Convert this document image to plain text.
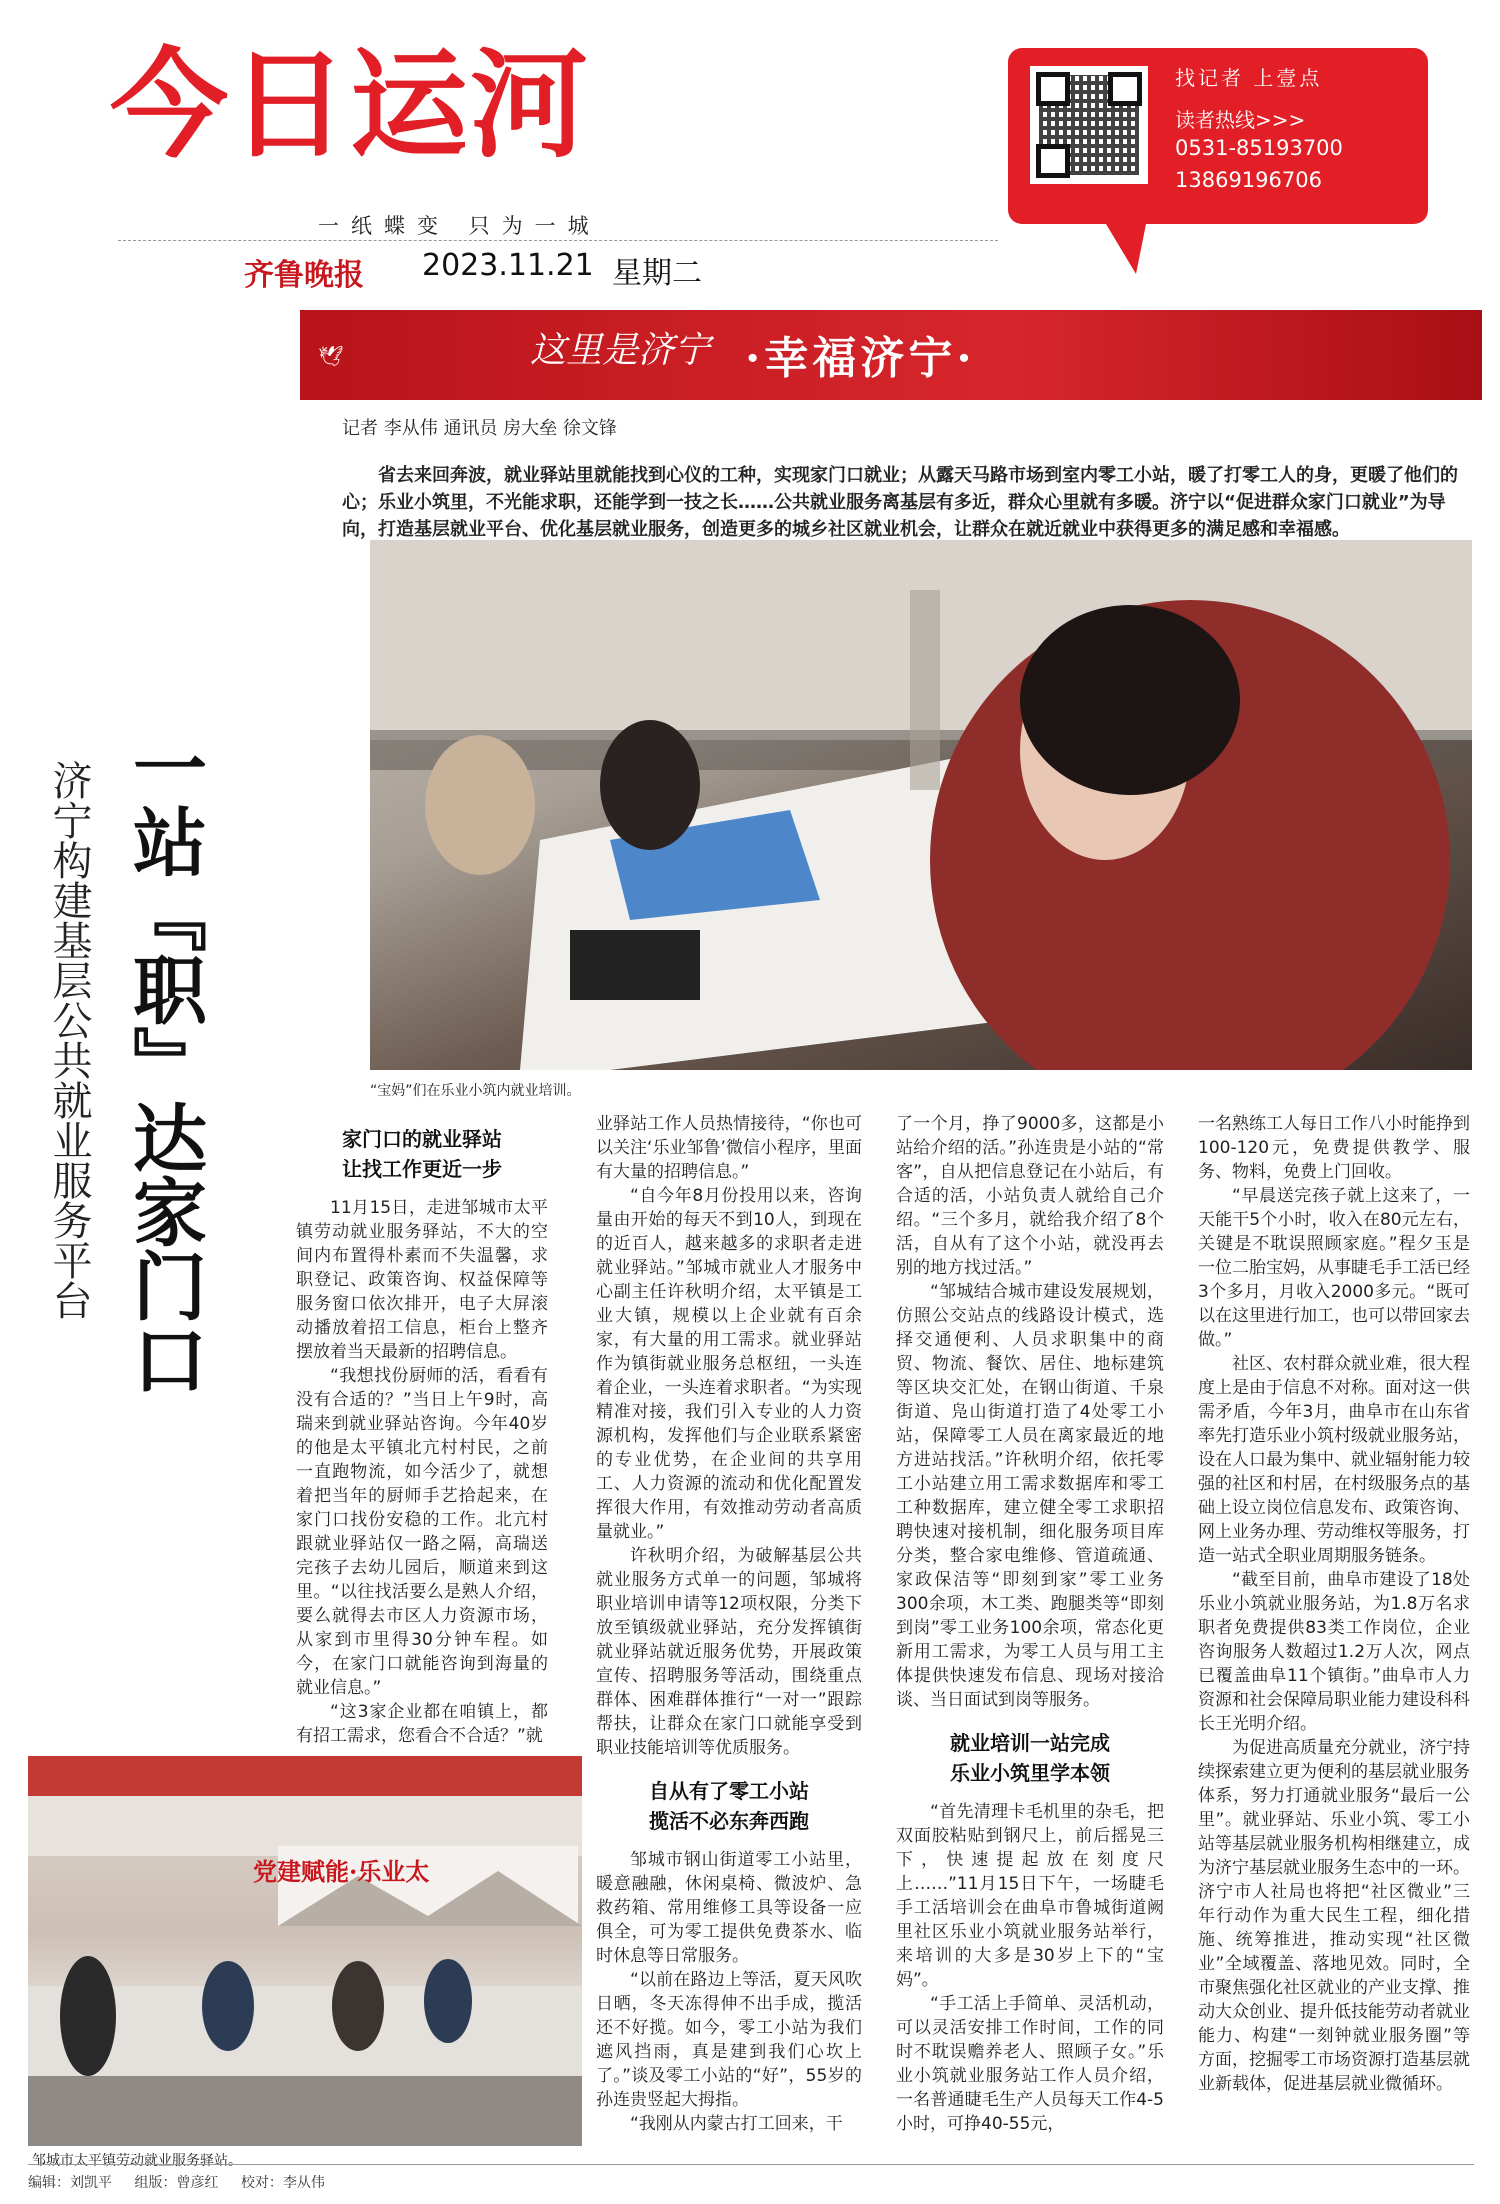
今日运河
一纸蝶变 只为一城
齐鲁晚报 2023.11.21 星期二
找记者 上壹点
读者热线>>>
0531-85193700
13869196706
🕊
🕊	这里是济宁 ·幸福济宁·
记者 李从伟 通讯员 房大垒 徐文锋
省去来回奔波，就业驿站里就能找到心仪的工种，实现家门口就业；从露天马路市场到室内零工小站，暖了打零工人的身，更暖了他们的心；乐业小筑里，不光能求职，还能学到一技之长……公共就业服务离基层有多近，群众心里就有多暖。济宁以“促进群众家门口就业”为导向，打造基层就业平台、优化基层就业服务，创造更多的城乡社区就业机会，让群众在就近就业中获得更多的满足感和幸福感。
“宝妈”们在乐业小筑内就业培训。
一站『职』达家门口
济宁构建基层公共就业服务平台	家门口的就业驿站
让找工作更近一步

11月15日，走进邹城市太平镇劳动就业服务驿站，不大的空间内布置得朴素而不失温馨，求职登记、政策咨询、权益保障等服务窗口依次排开，电子大屏滚动播放着招工信息，柜台上整齐摆放着当天最新的招聘信息。

“我想找份厨师的活，看看有没有合适的？”当日上午9时，高瑞来到就业驿站咨询。今年40岁的他是太平镇北亢村村民，之前一直跑物流，如今活少了，就想着把当年的厨师手艺拾起来，在家门口找份安稳的工作。北亢村跟就业驿站仅一路之隔，高瑞送完孩子去幼儿园后，顺道来到这里。“以往找活要么是熟人介绍，要么就得去市区人力资源市场，从家到市里得30分钟车程。如今，在家门口就能咨询到海量的就业信息。”

“这3家企业都在咱镇上，都有招工需求，您看合不合适？”就

党建赋能·乐业太
邹城市太平镇劳动就业服务驿站。

业驿站工作人员热情接待，“你也可以关注‘乐业邹鲁’微信小程序，里面有大量的招聘信息。”

“自今年8月份投用以来，咨询量由开始的每天不到10人，到现在的近百人，越来越多的求职者走进就业驿站。”邹城市就业人才服务中心副主任许秋明介绍，太平镇是工业大镇，规模以上企业就有百余家，有大量的用工需求。就业驿站作为镇街就业服务总枢纽，一头连着企业，一头连着求职者。“为实现精准对接，我们引入专业的人力资源机构，发挥他们与企业联系紧密的专业优势，在企业间的共享用工、人力资源的流动和优化配置发挥很大作用，有效推动劳动者高质量就业。”

许秋明介绍，为破解基层公共就业服务方式单一的问题，邹城将职业培训申请等12项权限，分类下放至镇级就业驿站，充分发挥镇街就业驿站就近服务优势，开展政策宣传、招聘服务等活动，围绕重点群体、困难群体推行“一对一”跟踪帮扶，让群众在家门口就能享受到职业技能培训等优质服务。

自从有了零工小站
揽活不必东奔西跑

邹城市钢山街道零工小站里，暖意融融，休闲桌椅、微波炉、急救药箱、常用维修工具等设备一应俱全，可为零工提供免费茶水、临时休息等日常服务。

“以前在路边上等活，夏天风吹日晒，冬天冻得伸不出手成，揽活还不好揽。如今，零工小站为我们遮风挡雨，真是建到我们心坎上了。”谈及零工小站的“好”，55岁的孙连贵竖起大拇指。

“我刚从内蒙古打工回来，干

了一个月，挣了9000多，这都是小站给介绍的活。”孙连贵是小站的“常客”，自从把信息登记在小站后，有合适的活，小站负责人就给自己介绍。“三个多月，就给我介绍了8个活，自从有了这个小站，就没再去别的地方找过活。”

“邹城结合城市建设发展规划，仿照公交站点的线路设计模式，选择交通便利、人员求职集中的商贸、物流、餐饮、居住、地标建筑等区块交汇处，在钢山街道、千泉街道、凫山街道打造了4处零工小站，保障零工人员在离家最近的地方进站找活。”许秋明介绍，依托零工小站建立用工需求数据库和零工工种数据库，建立健全零工求职招聘快速对接机制，细化服务项目库分类，整合家电维修、管道疏通、家政保洁等“即刻到家”零工业务300余项，木工类、跑腿类等“即刻到岗”零工业务100余项，常态化更新用工需求，为零工人员与用工主体提供快速发布信息、现场对接洽谈、当日面试到岗等服务。

就业培训一站完成
乐业小筑里学本领

“首先清理卡毛机里的杂毛，把双面胶粘贴到钢尺上，前后摇晃三下，快速提起放在刻度尺上……”11月15日下午，一场睫毛手工活培训会在曲阜市鲁城街道阙里社区乐业小筑就业服务站举行，来培训的大多是30岁上下的“宝妈”。

“手工活上手简单、灵活机动，可以灵活安排工作时间，工作的同时不耽误赡养老人、照顾子女。”乐业小筑就业服务站工作人员介绍，一名普通睫毛生产人员每天工作4-5小时，可挣40-55元，

一名熟练工人每日工作八小时能挣到100-120元，免费提供教学、服务、物料，免费上门回收。

“早晨送完孩子就上这来了，一天能干5个小时，收入在80元左右，关键是不耽误照顾家庭。”程夕玉是一位二胎宝妈，从事睫毛手工活已经3个多月，月收入2000多元。“既可以在这里进行加工，也可以带回家去做。”

社区、农村群众就业难，很大程度上是由于信息不对称。面对这一供需矛盾，今年3月，曲阜市在山东省率先打造乐业小筑村级就业服务站，设在人口最为集中、就业辐射能力较强的社区和村居，在村级服务点的基础上设立岗位信息发布、政策咨询、网上业务办理、劳动维权等服务，打造一站式全职业周期服务链条。

“截至目前，曲阜市建设了18处乐业小筑就业服务站，为1.8万名求职者免费提供83类工作岗位，企业咨询服务人数超过1.2万人次，网点已覆盖曲阜11个镇街。”曲阜市人力资源和社会保障局职业能力建设科科长王光明介绍。

为促进高质量充分就业，济宁持续探索建立更为便利的基层就业服务体系，努力打通就业服务“最后一公里”。就业驿站、乐业小筑、零工小站等基层就业服务机构相继建立，成为济宁基层就业服务生态中的一环。济宁市人社局也将把“社区微业”三年行动作为重大民生工程，细化措施、统筹推进，推动实现“社区微业”全域覆盖、落地见效。同时，全市聚焦强化社区就业的产业支撑、推动大众创业、提升低技能劳动者就业能力、构建“一刻钟就业服务圈”等方面，挖掘零工市场资源打造基层就业新载体，促进基层就业微循环。

编辑：刘凯平 组版：曾彦红 校对：李从伟
